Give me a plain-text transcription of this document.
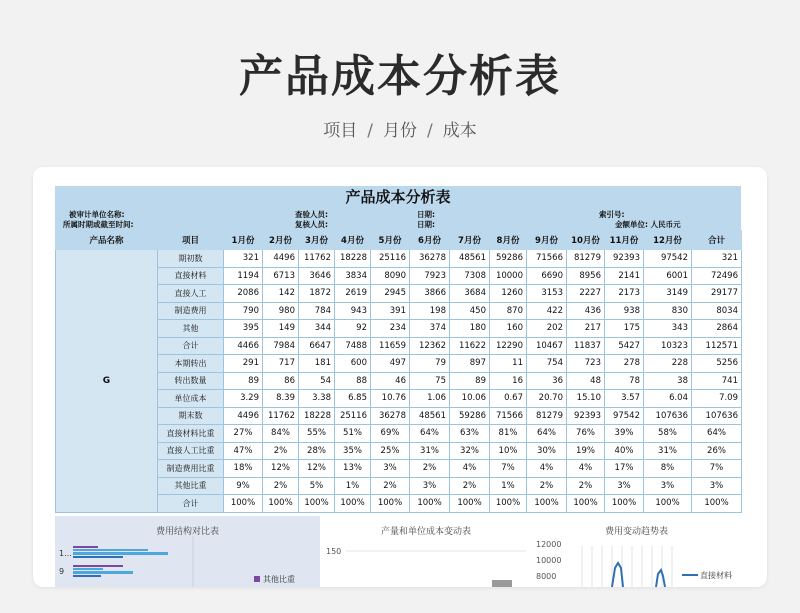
产品成本分析表
项目 / 月份 / 成本
产品成本分析表
被审计单位名称:
所属时期或截至时间:
查验人员:
复核人员:
日期:
日期:
索引号:
金额单位: 人民币元
产品名称	项目	1月份	2月份	3月份	4月份	5月份	6月份	7月份	8月份	9月份	10月份	11月份	12月份	合计
G	期初数	321	4496	11762	18228	25116	36278	48561	59286	71566	81279	92393	97542	321
	直接材料	1194	6713	3646	3834	8090	7923	7308	10000	6690	8956	2141	6001	72496
	直接人工	2086	142	1872	2619	2945	3866	3684	1260	3153	2227	2173	3149	29177
	制造费用	790	980	784	943	391	198	450	870	422	436	938	830	8034
	其他	395	149	344	92	234	374	180	160	202	217	175	343	2864
	合计	4466	7984	6647	7488	11659	12362	11622	12290	10467	11837	5427	10323	112571
	本期转出	291	717	181	600	497	79	897	11	754	723	278	228	5256
	转出数量	89	86	54	88	46	75	89	16	36	48	78	38	741
	单位成本	3.29	8.39	3.38	6.85	10.76	1.06	10.06	0.67	20.70	15.10	3.57	6.04	7.09
	期末数	4496	11762	18228	25116	36278	48561	59286	71566	81279	92393	97542	107636	107636
	直接材料比重	27%	84%	55%	51%	69%	64%	63%	81%	64%	76%	39%	58%	64%
	直接人工比重	47%	2%	28%	35%	25%	31%	32%	10%	30%	19%	40%	31%	26%
	制造费用比重	18%	12%	12%	13%	3%	2%	4%	7%	4%	4%	17%	8%	7%
	其他比重	9%	2%	5%	1%	2%	3%	2%	1%	2%	2%	3%	3%	3%
	合计	100%	100%	100%	100%	100%	100%	100%	100%	100%	100%	100%	100%	100%
费用结构对比表
1...
9
其他比重
产量和单位成本变动表
150
费用变动趋势表
12000
10000
8000	直接材料
